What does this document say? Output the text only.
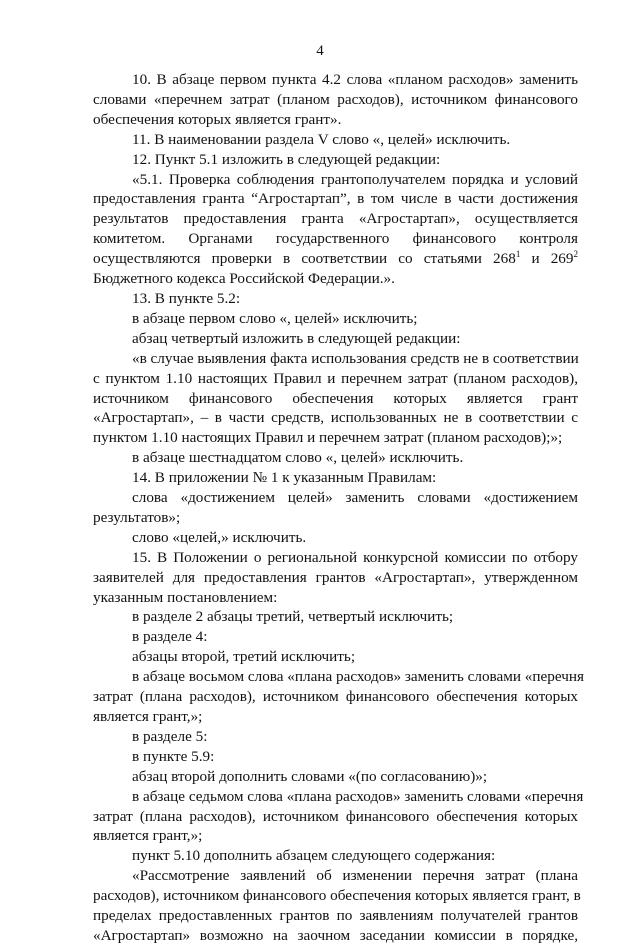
4
10. В абзаце первом пункта 4.2 слова «планом расходов» заменить
словами «перечнем затрат (планом расходов), источником финансового
обеспечения которых является грант».
11. В наименовании раздела V слово «, целей» исключить.
12. Пункт 5.1 изложить в следующей редакции:
«5.1. Проверка соблюдения грантополучателем порядка и условий
предоставления гранта “Агростартап”, в том числе в части достижения
результатов предоставления гранта «Агростартап», осуществляется
комитетом. Органами государственного финансового контроля
осуществляются проверки в соответствии со статьями $268^1$ и $269^2$
Бюджетного кодекса Российской Федерации.».
13. В пункте 5.2:
в абзаце первом слово «, целей» исключить;
абзац четвертый изложить в следующей редакции:
«в случае выявления факта использования средств не в соответствии
с пунктом 1.10 настоящих Правил и перечнем затрат (планом расходов),
источником финансового обеспечения которых является грант
«Агростартап», – в части средств, использованных не в соответствии с
пунктом 1.10 настоящих Правил и перечнем затрат (планом расходов);»;
в абзаце шестнадцатом слово «, целей» исключить.
14. В приложении № 1 к указанным Правилам:
слова «достижением целей» заменить словами «достижением
результатов»;
слово «целей,» исключить.
15. В Положении о региональной конкурсной комиссии по отбору
заявителей для предоставления грантов «Агростартап», утвержденном
указанным постановлением:
в разделе 2 абзацы третий, четвертый исключить;
в разделе 4:
абзацы второй, третий исключить;
в абзаце восьмом слова «плана расходов» заменить словами «перечня
затрат (плана расходов), источником финансового обеспечения которых
является грант,»;
в разделе 5:
в пункте 5.9:
абзац второй дополнить словами «(по согласованию)»;
в абзаце седьмом слова «плана расходов» заменить словами «перечня
затрат (плана расходов), источником финансового обеспечения которых
является грант,»;
пункт 5.10 дополнить абзацем следующего содержания:
«Рассмотрение заявлений об изменении перечня затрат (плана
расходов), источником финансового обеспечения которых является грант, в
пределах предоставленных грантов по заявлениям получателей грантов
«Агростартап» возможно на заочном заседании комиссии в порядке,
